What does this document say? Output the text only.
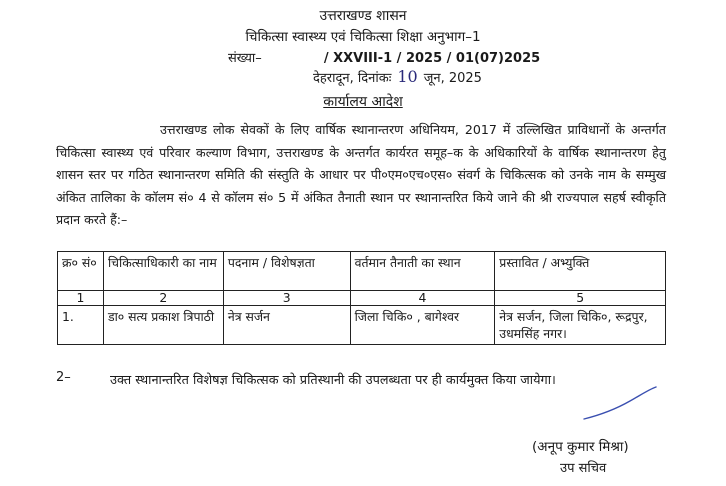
उत्तराखण्ड शासन
चिकित्सा स्वास्थ्य एवं चिकित्सा शिक्षा अनुभाग–1
संख्या–	/ XXVIII-1 / 2025 / 01(07)2025
देहरादून, दिनांकः 10 जून, 2025
कार्यालय आदेश
उत्तराखण्ड लोक सेवकों के लिए वार्षिक स्थानान्तरण अधिनियम, 2017 में उल्लिखित प्राविधानों के अन्तर्गत चिकित्सा स्वास्थ्य एवं परिवार कल्याण विभाग, उत्तराखण्ड के अन्तर्गत कार्यरत समूह–क के अधिकारियों के वार्षिक स्थानान्तरण हेतु शासन स्तर पर गठित स्थानान्तरण समिति की संस्तुति के आधार पर पी०एम०एच०एस० संवर्ग के चिकित्सक को उनके नाम के सम्मुख अंकित तालिका के कॉलम सं० 4 से कॉलम सं० 5 में अंकित तैनाती स्थान पर स्थानान्तरित किये जाने की श्री राज्यपाल सहर्ष स्वीकृति प्रदान करते हैं:–
क्र० सं०	चिकित्साधिकारी का नाम	पदनाम / विशेषज्ञता	वर्तमान तैनाती का स्थान	प्रस्तावित / अभ्युक्ति
1	2	3	4	5
1.	डा० सत्य प्रकाश त्रिपाठी	नेत्र सर्जन	जिला चिकि० , बागेश्वर	नेत्र सर्जन, जिला चिकि०, रूद्रपुर, उधमसिंह नगर।
2–	उक्त स्थानान्तरित विशेषज्ञ चिकित्सक को प्रतिस्थानी की उपलब्धता पर ही कार्यमुक्त किया जायेगा।
(अनूप कुमार मिश्रा)
उप सचिव
